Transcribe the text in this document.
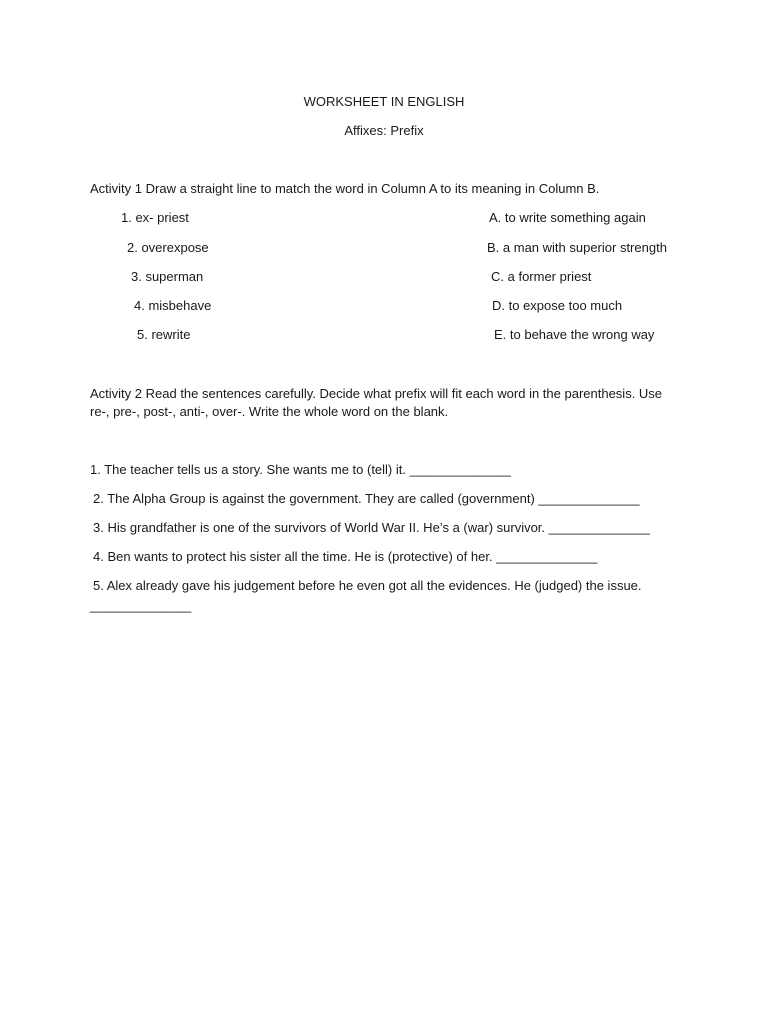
WORKSHEET IN ENGLISH
Affixes: Prefix
Activity 1 Draw a straight line to match the word in Column A to its meaning in Column B.
1. ex- priest
2. overexpose
3. superman
4. misbehave
5. rewrite
A. to write something again
B. a man with superior strength
C. a former priest
D. to expose too much
E. to behave the wrong way
Activity 2 Read the sentences carefully. Decide what prefix will fit each word in the parenthesis. Use re-, pre-, post-, anti-, over-. Write the whole word on the blank.
1. The teacher tells us a story. She wants me to (tell) it. ______________
2. The Alpha Group is against the government. They are called (government) ______________
3. His grandfather is one of the survivors of World War II. He’s a (war) survivor. ______________
4. Ben wants to protect his sister all the time. He is (protective) of her. ______________
5. Alex already gave his judgement before he even got all the evidences. He (judged) the issue.
______________
